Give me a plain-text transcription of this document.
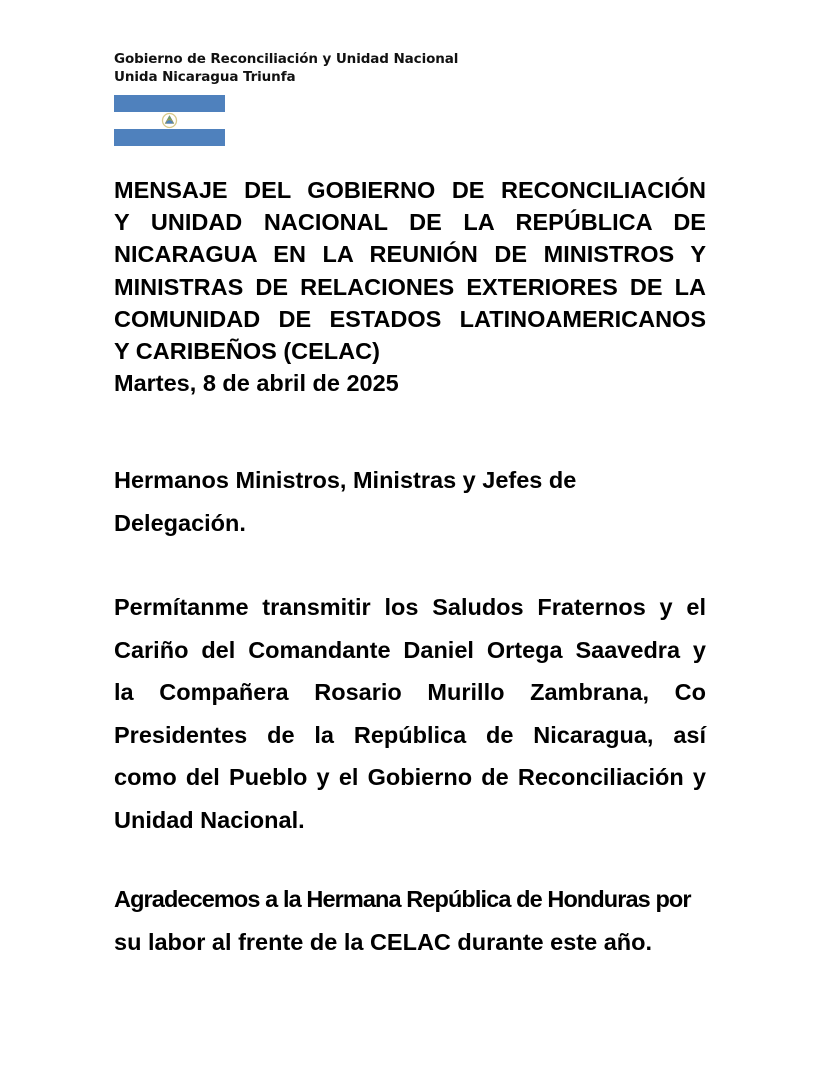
Gobierno de Reconciliación y Unidad Nacional
Unida Nicaragua Triunfa
MENSAJE DEL GOBIERNO DE RECONCILIACIÓN
Y UNIDAD NACIONAL DE LA REPÚBLICA DE
NICARAGUA EN LA REUNIÓN DE MINISTROS Y
MINISTRAS DE RELACIONES EXTERIORES DE LA
COMUNIDAD DE ESTADOS LATINOAMERICANOS
Y CARIBEÑOS (CELAC)
Martes, 8 de abril de 2025
Hermanos Ministros, Ministras y Jefes de
Delegación.
Permítanme transmitir los Saludos Fraternos y el
Cariño del Comandante Daniel Ortega Saavedra y
la Compañera Rosario Murillo Zambrana, Co
Presidentes de la República de Nicaragua, así
como del Pueblo y el Gobierno de Reconciliación y
Unidad Nacional.
Agradecemos a la Hermana República de Honduras por
su labor al frente de la CELAC durante este año.
